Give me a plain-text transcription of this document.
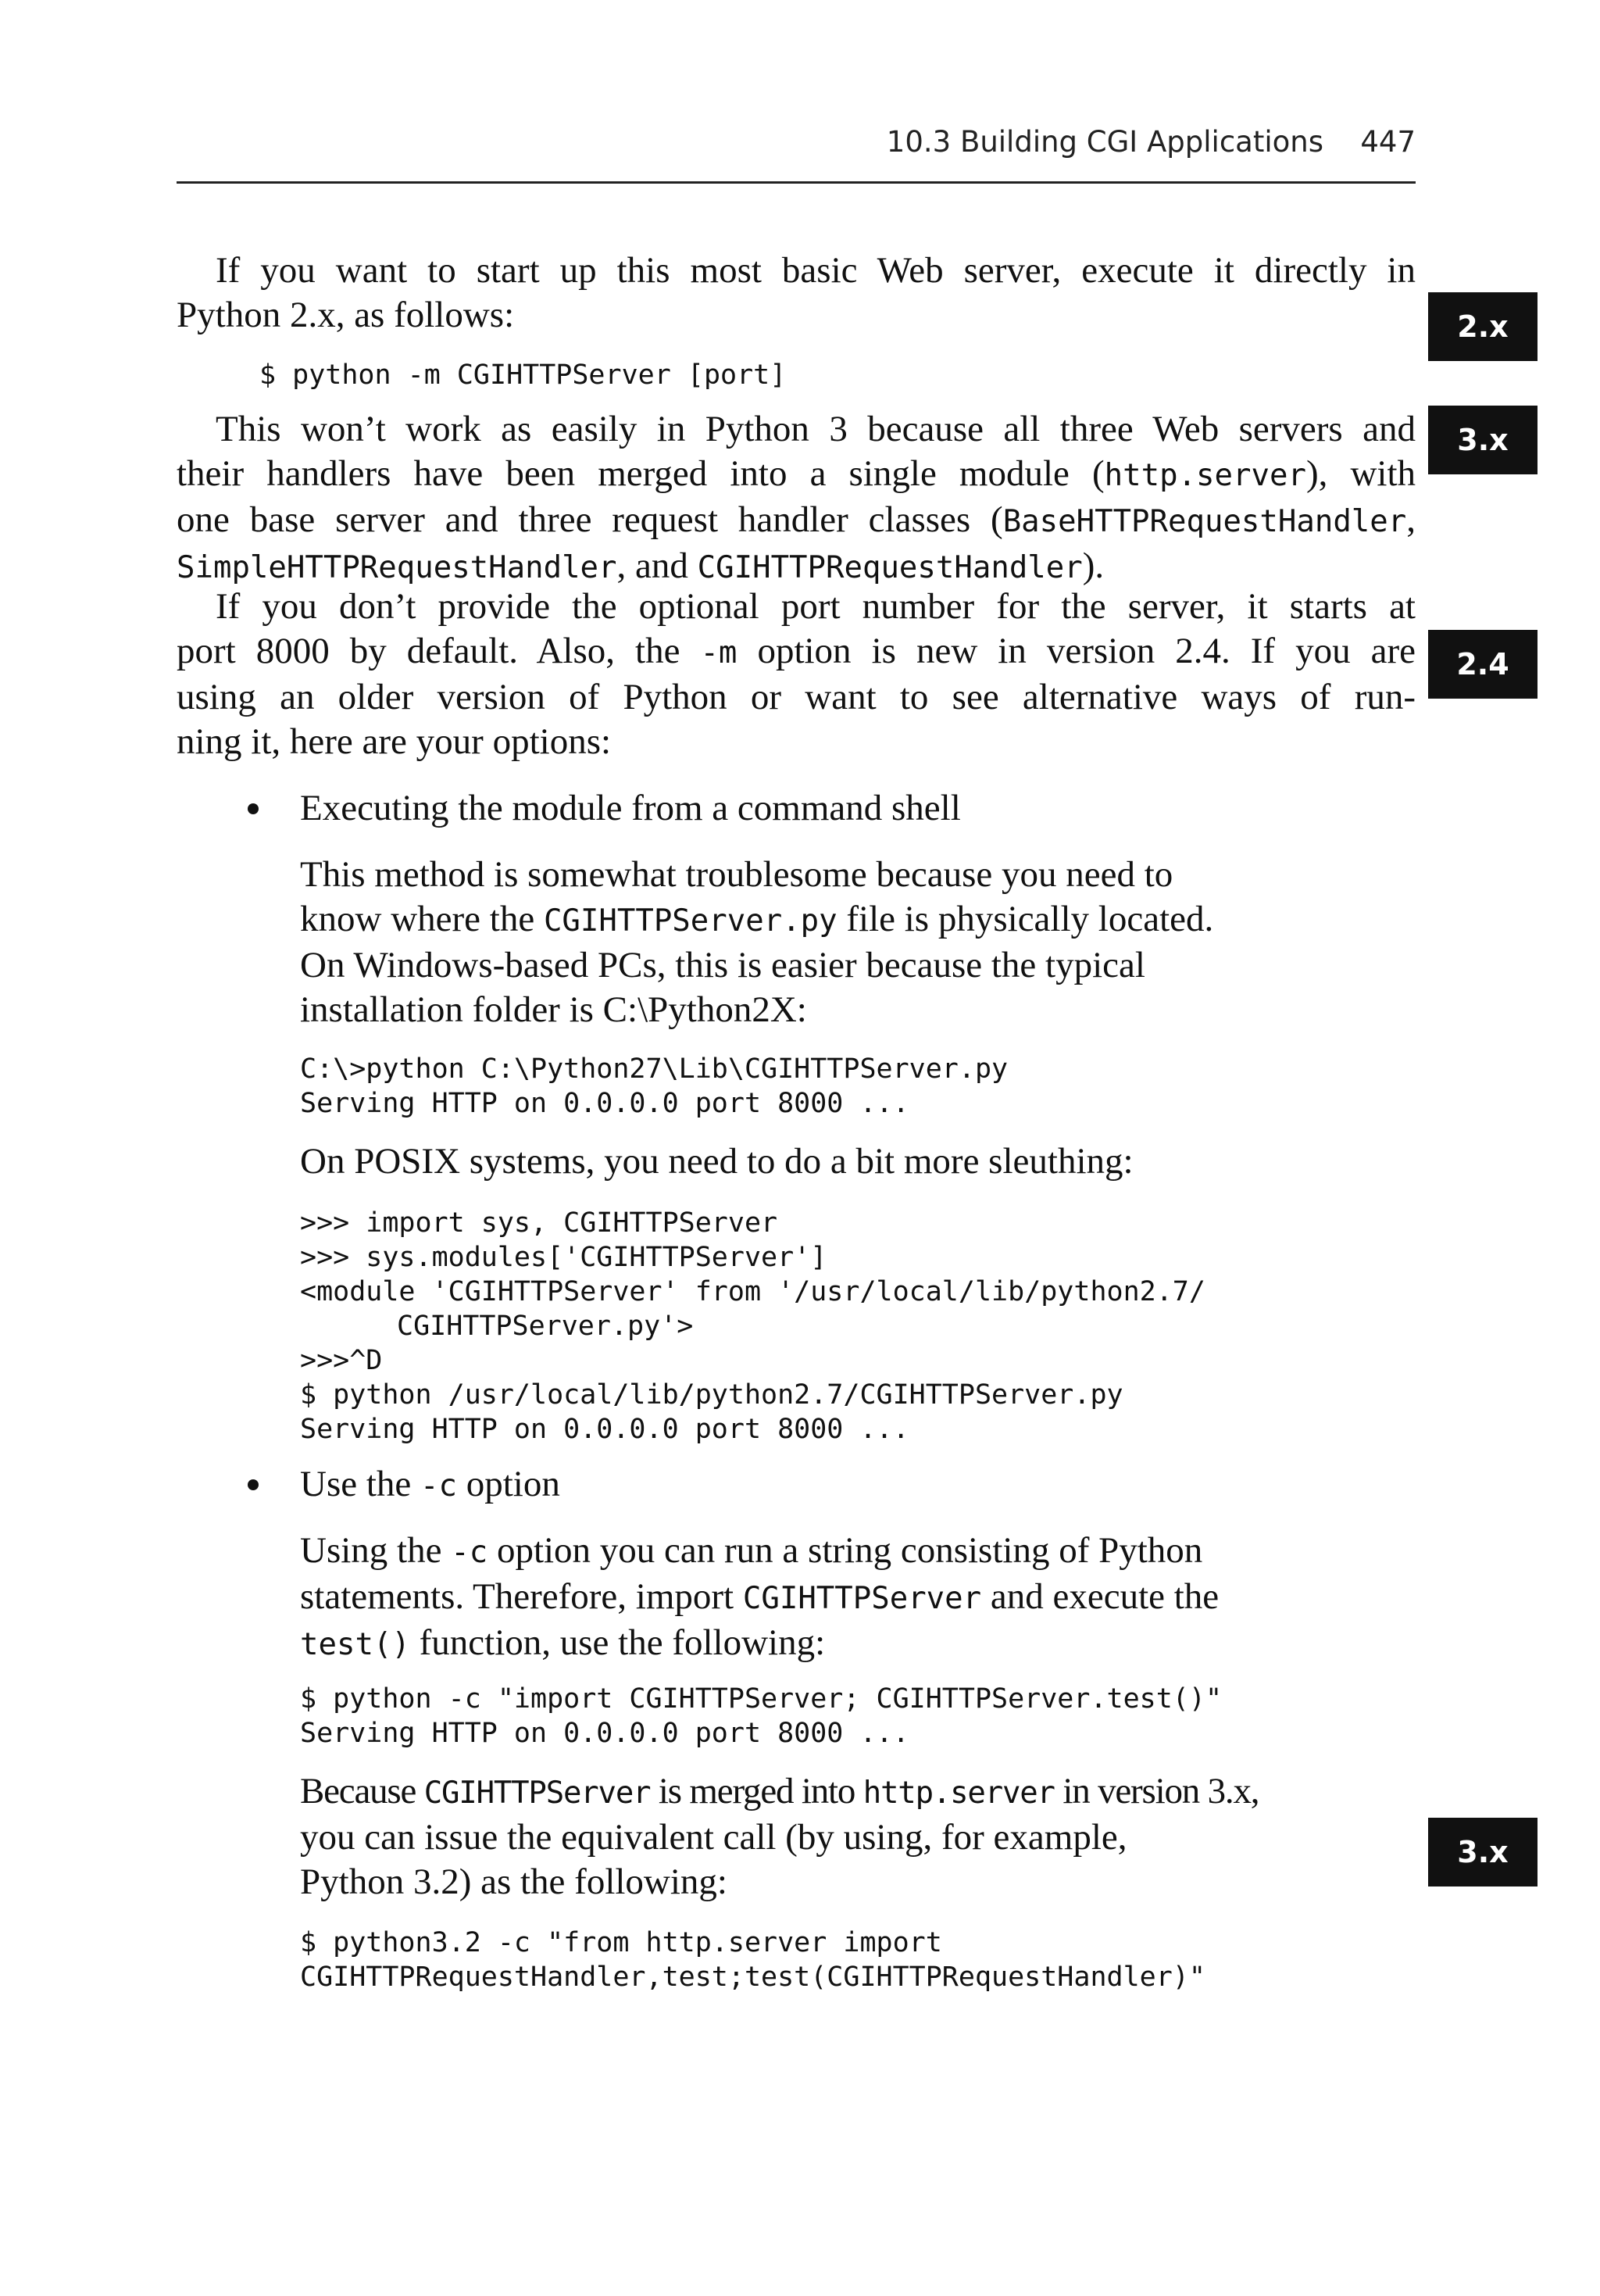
10.3 Building CGI Applications 447
2.x
3.x
2.4
3.x
If you want to start up this most basic Web server, execute it directly in
Python 2.x, as follows:
$ python -m CGIHTTPServer [port]
This won’t work as easily in Python 3 because all three Web servers and
their handlers have been merged into a single module (http.server), with
one base server and three request handler classes (BaseHTTPRequestHandler,
SimpleHTTPRequestHandler, and CGIHTTPRequestHandler).
If you don’t provide the optional port number for the server, it starts at
port 8000 by default. Also, the -m option is new in version 2.4. If you are
using an older version of Python or want to see alternative ways of run-
ning it, here are your options:
Executing the module from a command shell
This method is somewhat troublesome because you need to
know where the CGIHTTPServer.py file is physically located.
On Windows-based PCs, this is easier because the typical
installation folder is C:\Python2X:
C:\>python C:\Python27\Lib\CGIHTTPServer.py
Serving HTTP on 0.0.0.0 port 8000 ...
On POSIX systems, you need to do a bit more sleuthing:
>>> import sys, CGIHTTPServer
>>> sys.modules['CGIHTTPServer']
<module 'CGIHTTPServer' from '/usr/local/lib/python2.7/
CGIHTTPServer.py'>
>>>^D
$ python /usr/local/lib/python2.7/CGIHTTPServer.py
Serving HTTP on 0.0.0.0 port 8000 ...
Use the -c option
Using the -c option you can run a string consisting of Python
statements. Therefore, import CGIHTTPServer and execute the
test() function, use the following:
$ python -c "import CGIHTTPServer; CGIHTTPServer.test()"
Serving HTTP on 0.0.0.0 port 8000 ...
Because CGIHTTPServer is merged into http.server in version 3.x,
you can issue the equivalent call (by using, for example,
Python 3.2) as the following:
$ python3.2 -c "from http.server import
CGIHTTPRequestHandler,test;test(CGIHTTPRequestHandler)"
